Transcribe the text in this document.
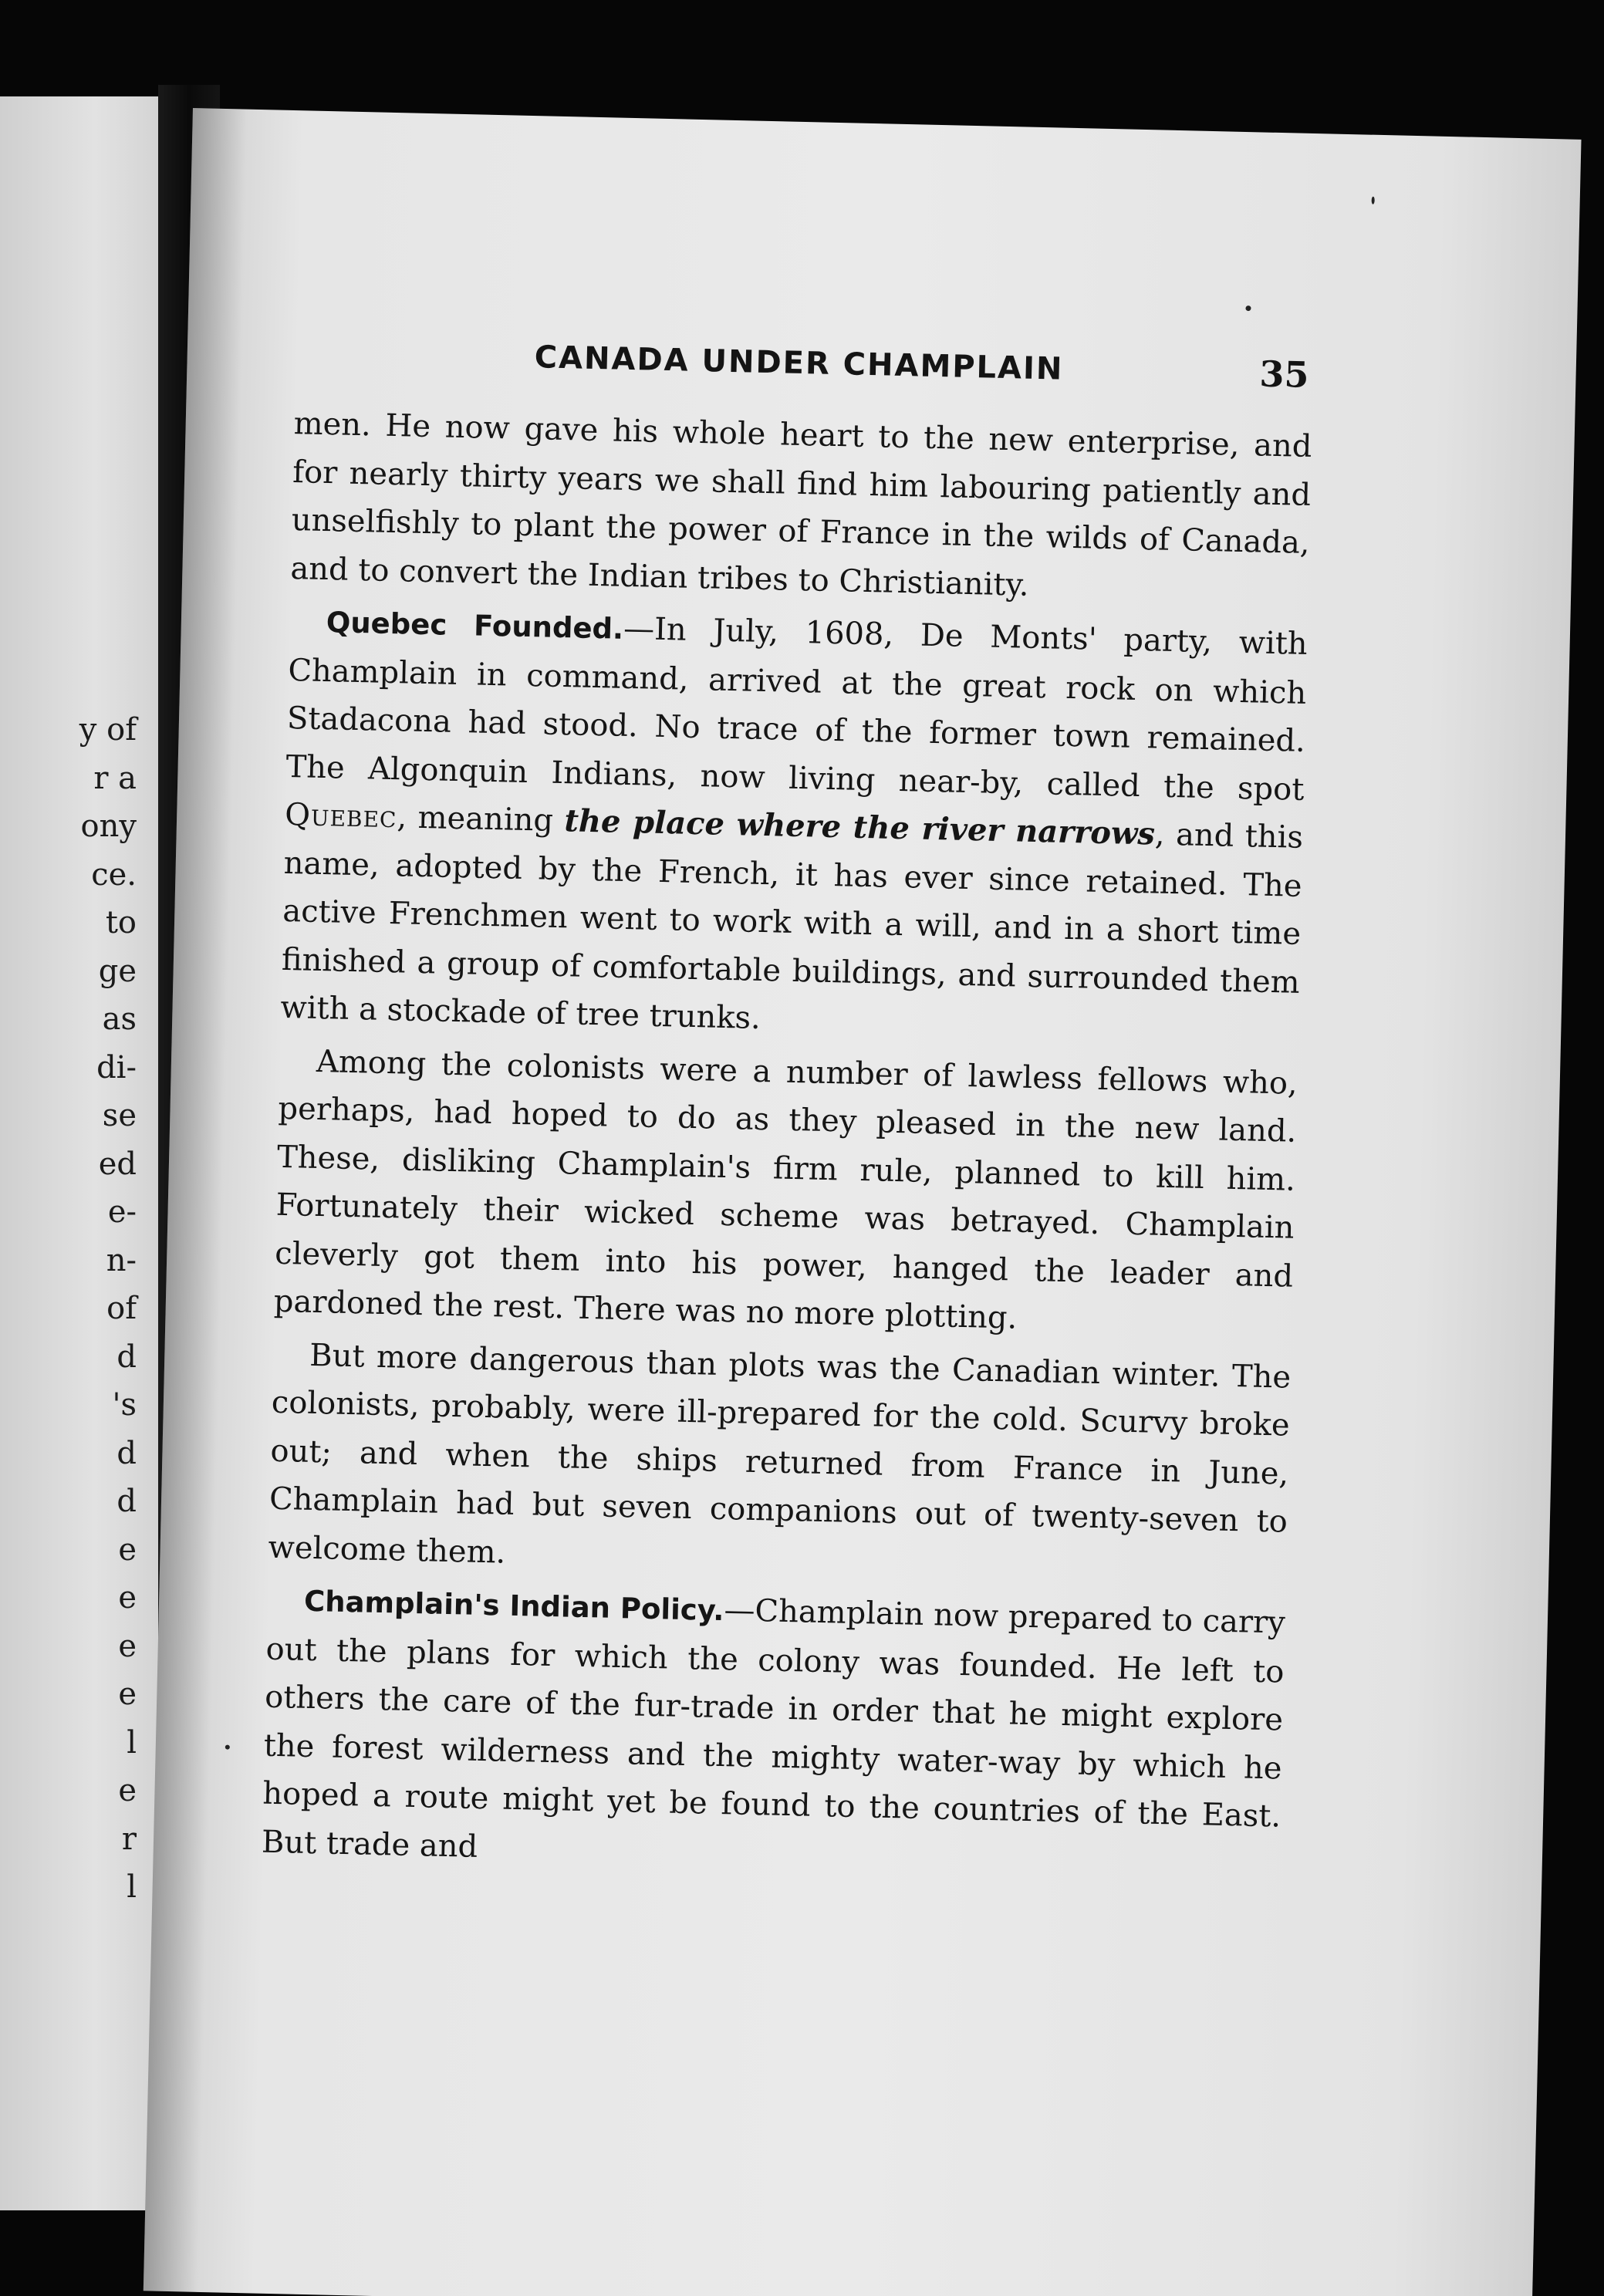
y of
r a
ony
ce.
to
ge
as
di-
se
ed
e-
n-
of
d
's
d
d
e
e
e
e
l
e
r
l
CANADA UNDER CHAMPLAIN	35

men. He now gave his whole heart to the new enterprise, and for nearly thirty years we shall find him labouring patiently and unselfishly to plant the power of France in the wilds of Canada, and to convert the Indian tribes to Christianity.

Quebec Founded.—In July, 1608, De Monts' party, with Champlain in command, arrived at the great rock on which Stadacona had stood. No trace of the former town remained. The Algonquin Indians, now living near-by, called the spot Quebec, meaning the place where the river narrows, and this name, adopted by the French, it has ever since retained. The active Frenchmen went to work with a will, and in a short time finished a group of comfortable buildings, and surrounded them with a stockade of tree trunks.

Among the colonists were a number of lawless fellows who, perhaps, had hoped to do as they pleased in the new land. These, disliking Champlain's firm rule, planned to kill him. Fortunately their wicked scheme was betrayed. Champlain cleverly got them into his power, hanged the leader and pardoned the rest. There was no more plotting.

But more dangerous than plots was the Canadian winter. The colonists, probably, were ill-prepared for the cold. Scurvy broke out; and when the ships returned from France in June, Champlain had but seven companions out of twenty-seven to welcome them.

Champlain's Indian Policy.—Champlain now prepared to carry out the plans for which the colony was founded. He left to others the care of the fur-trade in order that he might explore the forest wilderness and the mighty water-way by which he hoped a route might yet be found to the countries of the East. But trade and
